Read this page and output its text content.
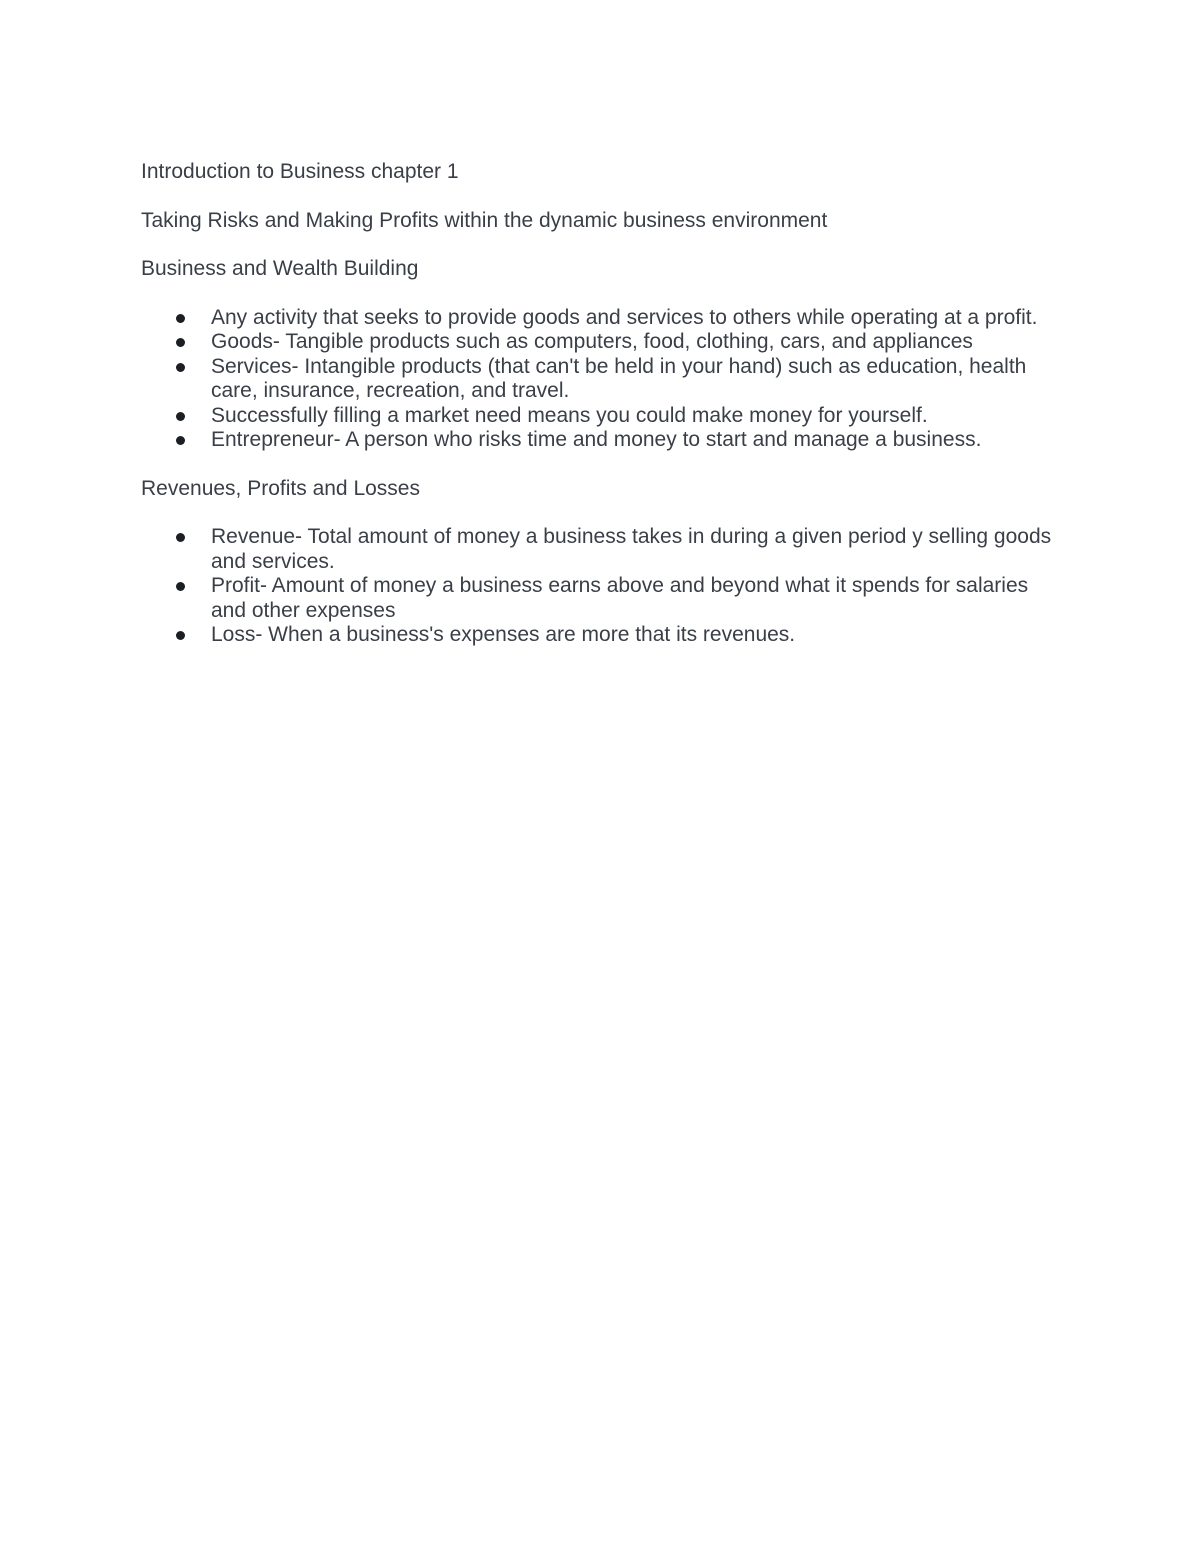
Introduction to Business chapter 1

Taking Risks and Making Profits within the dynamic business environment

Business and Wealth Building

Any activity that seeks to provide goods and services to others while operating at a profit.
Goods- Tangible products such as computers, food, clothing, cars, and appliances
Services- Intangible products (that can't be held in your hand) such as education, health care, insurance, recreation, and travel.
Successfully filling a market need means you could make money for yourself.
Entrepreneur- A person who risks time and money to start and manage a business.

Revenues, Profits and Losses

Revenue- Total amount of money a business takes in during a given period y selling goods and services.
Profit- Amount of money a business earns above and beyond what it spends for salaries and other expenses
Loss- When a business's expenses are more that its revenues.
